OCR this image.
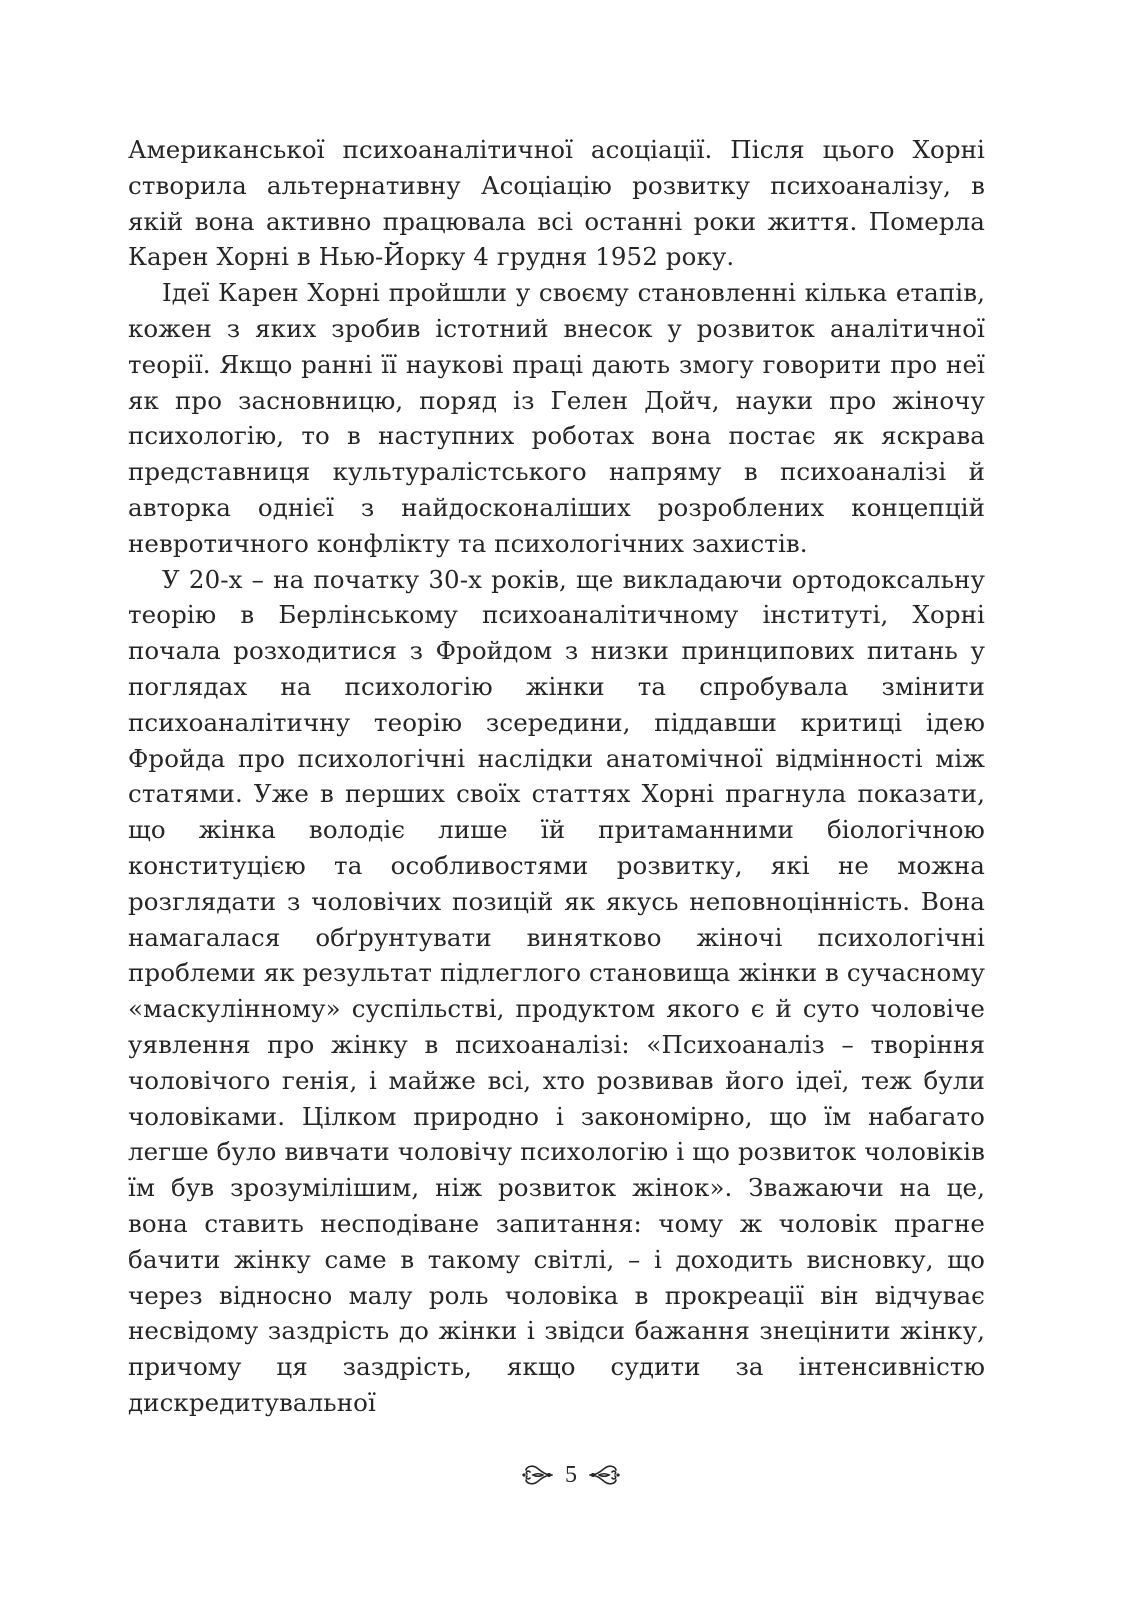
Американської психоаналітичної асоціації. Після цього Хорні створила альтернативну Асоціацію розвитку психоаналізу, в якій вона активно працювала всі останні роки життя. Померла Карен Хорні в Нью-Йорку 4 грудня 1952 року.

Ідеї Карен Хорні пройшли у своєму становленні кілька етапів, кожен з яких зробив істотний внесок у розвиток аналітичної теорії. Якщо ранні її наукові праці дають змогу говорити про неї як про засновницю, поряд із Гелен Дойч, науки про жіночу психологію, то в наступних роботах вона постає як яскрава представниця культуралістського напряму в психоаналізі й авторка однієї з найдосконаліших розроблених концепцій невротичного конфлікту та психологічних захистів.

У 20-х – на початку 30-х років, ще викладаючи ортодоксальну теорію в Берлінському психоаналітичному інституті, Хорні почала розходитися з Фройдом з низки принципових питань у поглядах на психологію жінки та спробувала змінити психоаналітичну теорію зсередини, піддавши критиці ідею Фройда про психологічні наслідки анатомічної відмінності між статями. Уже в перших своїх статтях Хорні прагнула показати, що жінка володіє лише їй притаманними біологічною конституцією та особливостями розвитку, які не можна розглядати з чоловічих позицій як якусь неповноцінність. Вона намагалася обґрунтувати винятково жіночі психологічні проблеми як результат підлеглого становища жінки в сучасному «маскулінному» суспільстві, продуктом якого є й суто чоловіче уявлення про жінку в психоаналізі: «Психоаналіз – творіння чоловічого генія, і майже всі, хто розвивав його ідеї, теж були чоловіками. Цілком природно і закономірно, що їм набагато легше було вивчати чоловічу психологію і що розвиток чоловіків їм був зрозумілішим, ніж розвиток жінок». Зважаючи на це, вона ставить несподіване запитання: чому ж чоловік прагне бачити жінку саме в такому світлі, – і доходить висновку, що через відносно малу роль чоловіка в прокреації він відчуває несвідому заздрість до жінки і звідси бажання знецінити жінку, причому ця заздрість, якщо судити за інтенсивністю дискредитувальної

5
